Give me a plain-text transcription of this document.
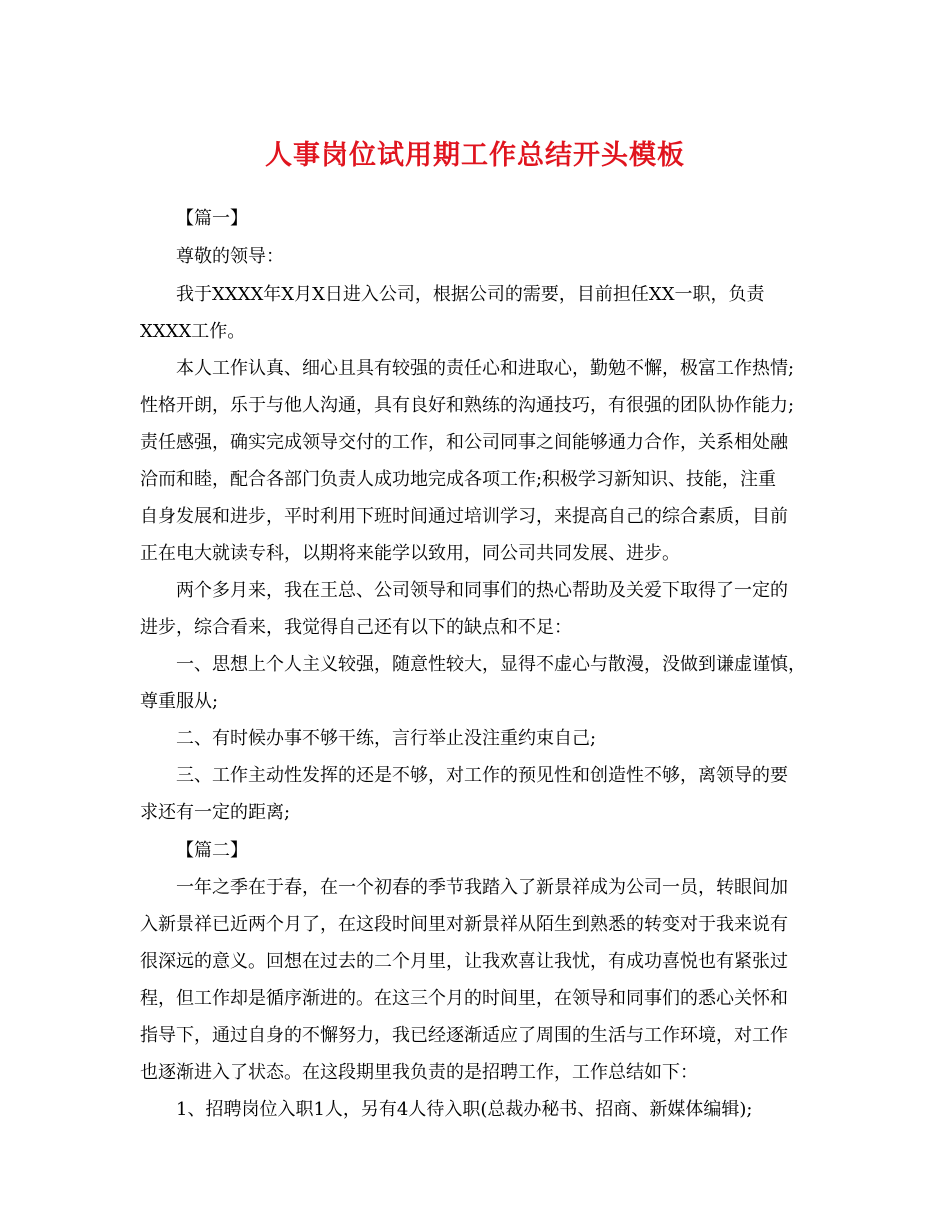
人事岗位试用期工作总结开头模板
【篇一】
尊敬的领导：
我于XXXX年X月X日进入公司，根据公司的需要，目前担任XX一职，负责
XXXX工作。
本人工作认真、细心且具有较强的责任心和进取心，勤勉不懈，极富工作热情;
性格开朗，乐于与他人沟通，具有良好和熟练的沟通技巧，有很强的团队协作能力;
责任感强，确实完成领导交付的工作，和公司同事之间能够通力合作，关系相处融
洽而和睦，配合各部门负责人成功地完成各项工作;积极学习新知识、技能，注重
自身发展和进步，平时利用下班时间通过培训学习，来提高自己的综合素质，目前
正在电大就读专科，以期将来能学以致用，同公司共同发展、进步。
两个多月来，我在王总、公司领导和同事们的热心帮助及关爱下取得了一定的
进步，综合看来，我觉得自己还有以下的缺点和不足：
一、思想上个人主义较强，随意性较大，显得不虚心与散漫，没做到谦虚谨慎，
尊重服从;
二、有时候办事不够干练，言行举止没注重约束自己;
三、工作主动性发挥的还是不够，对工作的预见性和创造性不够，离领导的要
求还有一定的距离;
【篇二】
一年之季在于春，在一个初春的季节我踏入了新景祥成为公司一员，转眼间加
入新景祥已近两个月了，在这段时间里对新景祥从陌生到熟悉的转变对于我来说有
很深远的意义。回想在过去的二个月里，让我欢喜让我忧，有成功喜悦也有紧张过
程，但工作却是循序渐进的。在这三个月的时间里，在领导和同事们的悉心关怀和
指导下，通过自身的不懈努力，我已经逐渐适应了周围的生活与工作环境，对工作
也逐渐进入了状态。在这段期里我负责的是招聘工作，工作总结如下：
1、招聘岗位入职1人，另有4人待入职(总裁办秘书、招商、新媒体编辑);
